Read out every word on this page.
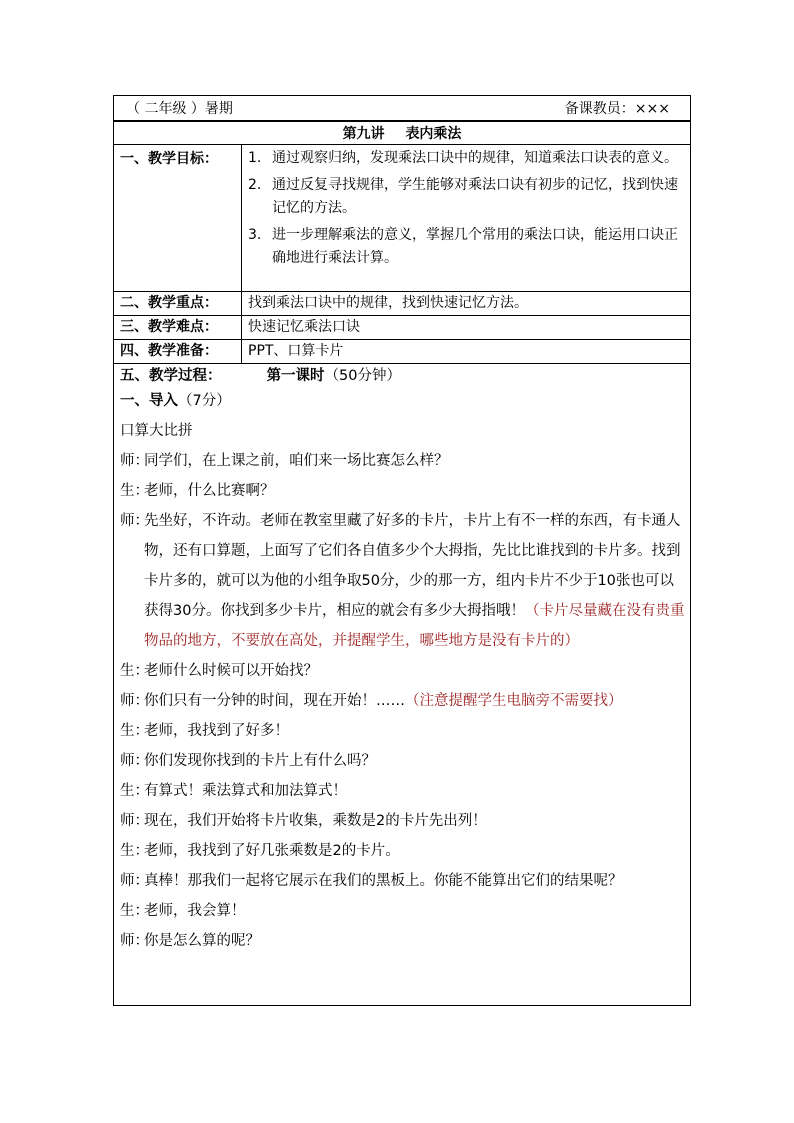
（ 二年级 ）暑期	备课教员：×××
第九讲 表内乘法
一、教学目标：	1. 通过观察归纳，发现乘法口诀中的规律，知道乘法口诀表的意义。
2. 通过反复寻找规律，学生能够对乘法口诀有初步的记忆，找到快速记忆的方法。
3. 进一步理解乘法的意义，掌握几个常用的乘法口诀，能运用口诀正确地进行乘法计算。
二、教学重点：	找到乘法口诀中的规律，找到快速记忆方法。
三、教学难点：	快速记忆乘法口诀
四、教学准备：	PPT、口算卡片
五、教学过程：	第一课时（50分钟）
一、导入（7分）
口算大比拼
师：
同学们，在上课之前，咱们来一场比赛怎么样？
生：
老师，什么比赛啊？
师：
先坐好，不许动。老师在教室里藏了好多的卡片，卡片上有不一样的东西，有卡通人物，还有口算题，上面写了它们各自值多少个大拇指，先比比谁找到的卡片多。找到卡片多的，就可以为他的小组争取50分，少的那一方，组内卡片不少于10张也可以获得30分。你找到多少卡片，相应的就会有多少大拇指哦！（卡片尽量藏在没有贵重物品的地方，不要放在高处，并提醒学生，哪些地方是没有卡片的）
生：
老师什么时候可以开始找？
师：
你们只有一分钟的时间，现在开始！……（注意提醒学生电脑旁不需要找）
生：
老师，我找到了好多！
师：
你们发现你找到的卡片上有什么吗？
生：
有算式！乘法算式和加法算式！
师：
现在，我们开始将卡片收集，乘数是2的卡片先出列！
生：
老师，我找到了好几张乘数是2的卡片。
师：
真棒！那我们一起将它展示在我们的黑板上。你能不能算出它们的结果呢？
生：
老师，我会算！
师：
你是怎么算的呢？
